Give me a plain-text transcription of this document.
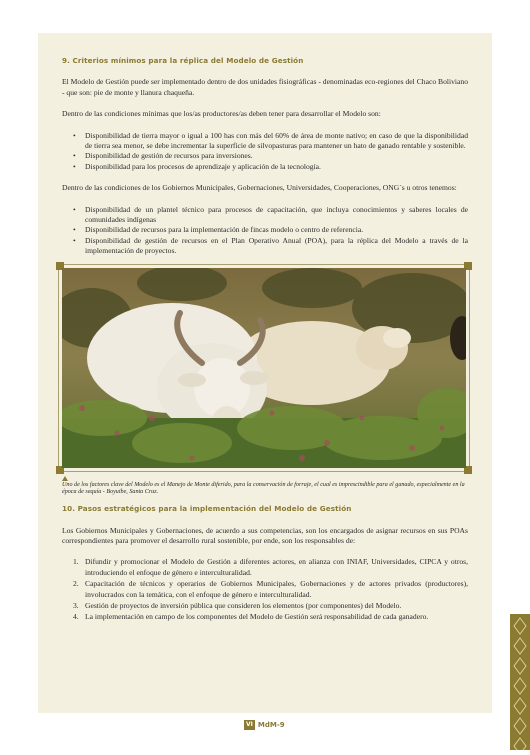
9. Criterios mínimos para la réplica del Modelo de Gestión

El Modelo de Gestión puede ser implementado dentro de dos unidades fisiográficas - denominadas eco-regiones del Chaco Boliviano - que son: pie de monte y llanura chaqueña.

Dentro de las condiciones mínimas que los/as productores/as deben tener para desarrollar el Modelo son:

• Disponibilidad de tierra mayor o igual a 100 has con más del 60% de área de monte nativo; en caso de que la disponibilidad de tierra sea menor, se debe incrementar la superficie de silvopasturas para mantener un hato de ganado rentable y sostenible.
• Disponibilidad de gestión de recursos para inversiones.
• Disponibilidad para los procesos de aprendizaje y aplicación de la tecnología.

Dentro de las condiciones de los Gobiernos Municipales, Gobernaciones, Universidades, Cooperaciones, ONG´s u otros tenemos:

• Disponibilidad de un plantel técnico para procesos de capacitación, que incluya conocimientos y saberes locales de comunidades indígenas
• Disponibilidad de recursos para la implementación de fincas modelo o centro de referencia.
• Disponibilidad de gestión de recursos en el Plan Operativo Anual (POA), para la réplica del Modelo a través de la implementación de proyectos.
Uno de los factores clave del Modelo es el Manejo de Monte diferido, para la conservación de forraje, el cual es imprescindible para el ganado, especialmente en la época de sequía - Boyuibe, Santa Cruz.
10. Pasos estratégicos para la implementación del Modelo de Gestión

Los Gobiernos Municipales y Gobernaciones, de acuerdo a sus competencias, son los encargados de asignar recursos en sus POAs correspondientes para promover el desarrollo rural sostenible, por ende, son los responsables de:

1. Difundir y promocionar el Modelo de Gestión a diferentes actores, en alianza con INIAF, Universidades, CIPCA y otros, introduciendo el enfoque de género e interculturalidad.
2. Capacitación de técnicos y operarios de Gobiernos Municipales, Gobernaciones y de actores privados (productores), involucrados con la temática, con el enfoque de género e interculturalidad.
3. Gestión de proyectos de inversión pública que consideren los elementos (por componentes) del Modelo.
4. La implementación en campo de los componentes del Modelo de Gestión será responsabilidad de cada ganadero.
VI MdM-9
